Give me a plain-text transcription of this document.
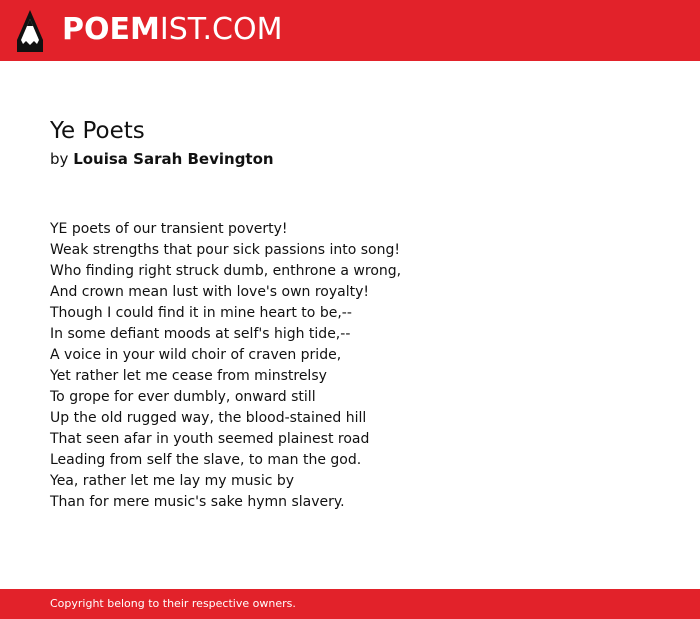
POEMIST.COM
Ye Poets
by Louisa Sarah Bevington
YE poets of our transient poverty!
Weak strengths that pour sick passions into song!
Who finding right struck dumb, enthrone a wrong,
And crown mean lust with love's own royalty!
Though I could find it in mine heart to be,--
In some defiant moods at self's high tide,--
A voice in your wild choir of craven pride,
Yet rather let me cease from minstrelsy
To grope for ever dumbly, onward still
Up the old rugged way, the blood-stained hill
That seen afar in youth seemed plainest road
Leading from self the slave, to man the god.
Yea, rather let me lay my music by
Than for mere music's sake hymn slavery.
Copyright belong to their respective owners.
